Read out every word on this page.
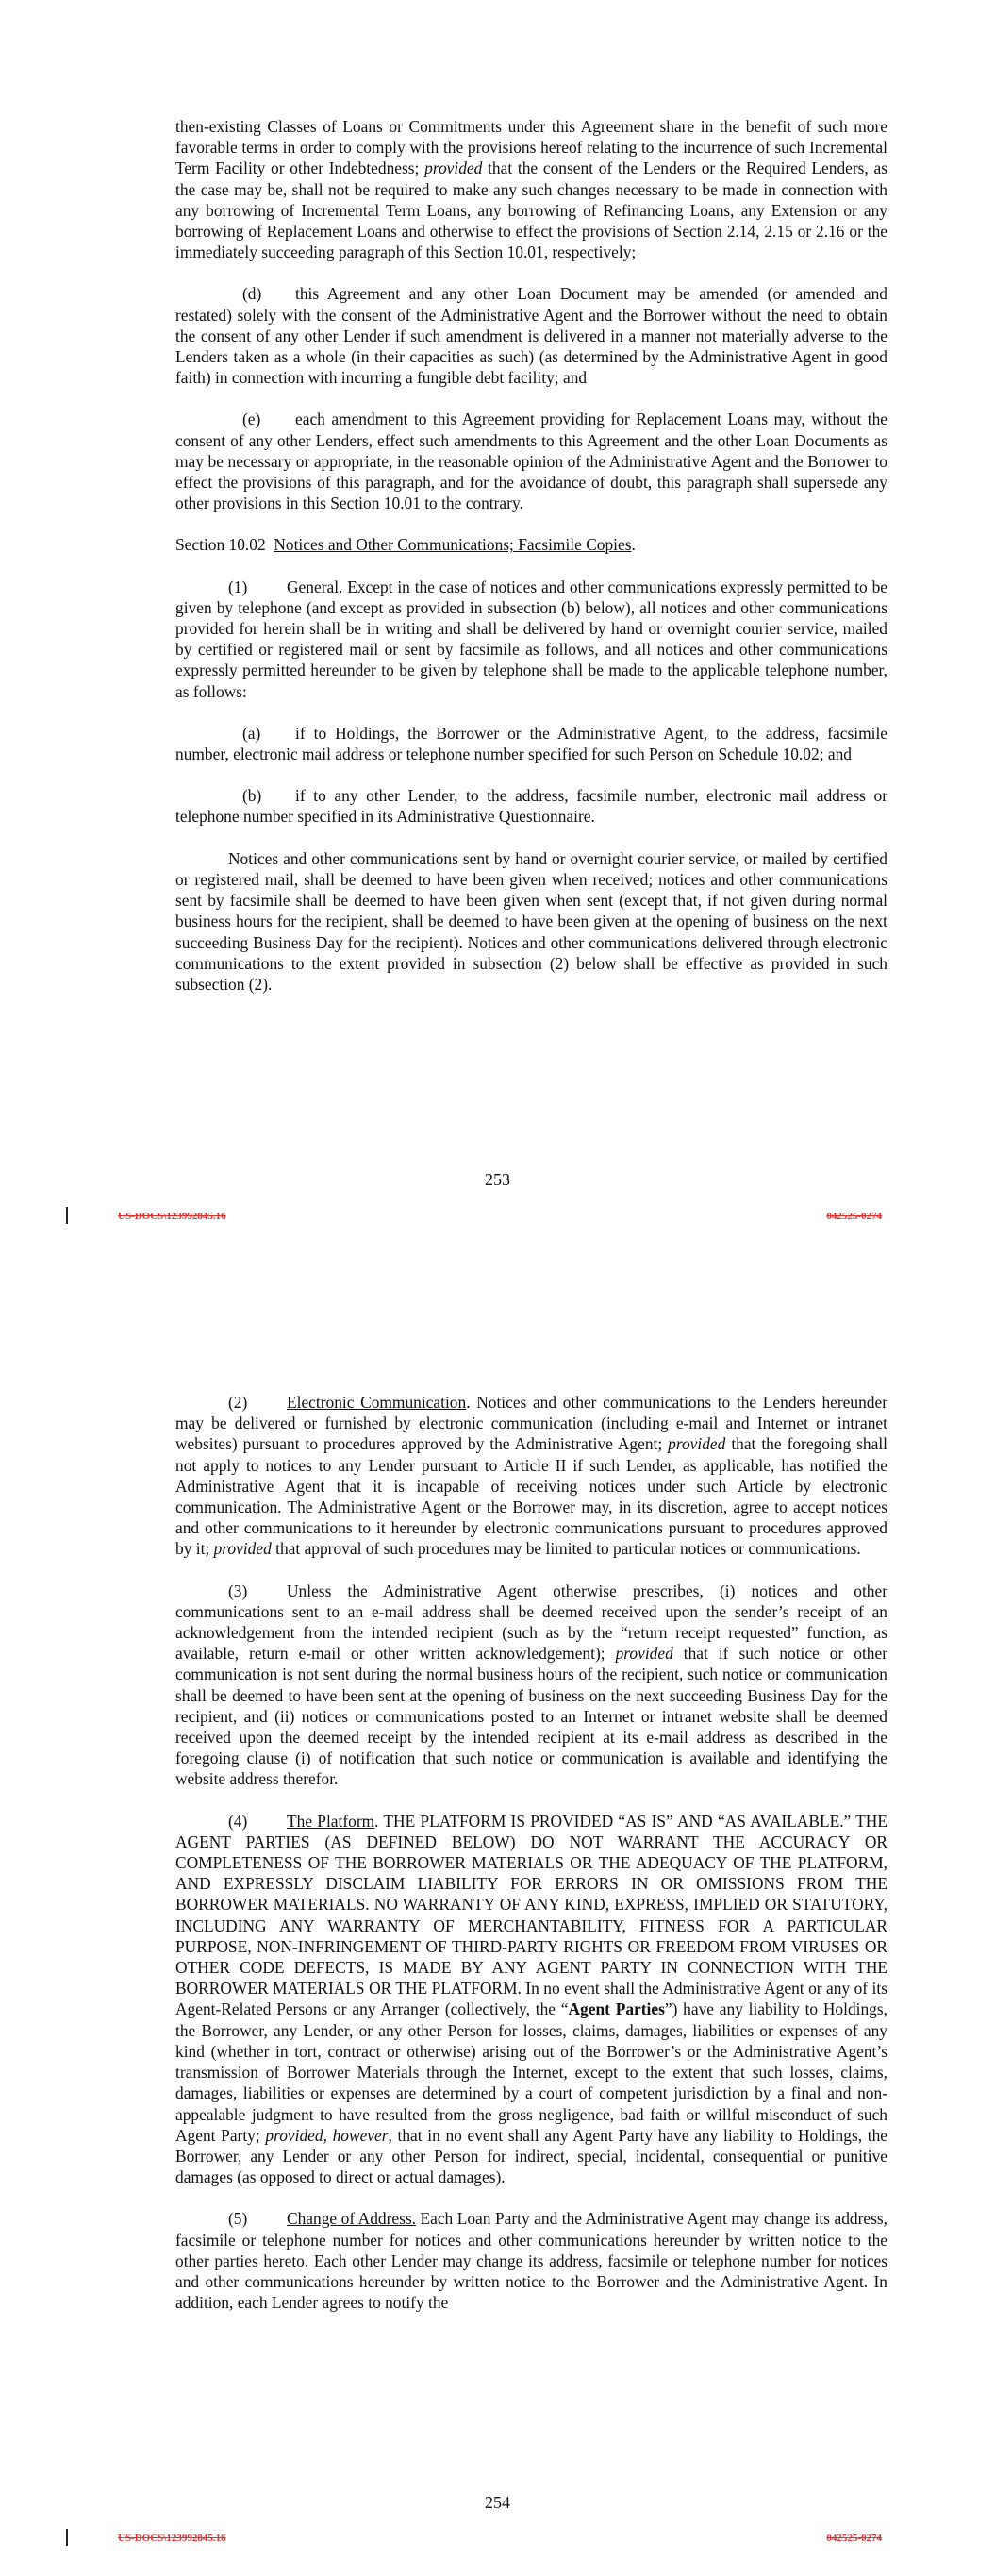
then-existing Classes of Loans or Commitments under this Agreement share in the benefit of such more favorable terms in order to comply with the provisions hereof relating to the incurrence of such Incremental Term Facility or other Indebtedness; provided that the consent of the Lenders or the Required Lenders, as the case may be, shall not be required to make any such changes necessary to be made in connection with any borrowing of Incremental Term Loans, any borrowing of Refinancing Loans, any Extension or any borrowing of Replacement Loans and otherwise to effect the provisions of Section 2.14, 2.15 or 2.16 or the immediately succeeding paragraph of this Section 10.01, respectively;

(d) this Agreement and any other Loan Document may be amended (or amended and restated) solely with the consent of the Administrative Agent and the Borrower without the need to obtain the consent of any other Lender if such amendment is delivered in a manner not materially adverse to the Lenders taken as a whole (in their capacities as such) (as determined by the Administrative Agent in good faith) in connection with incurring a fungible debt facility; and

(e) each amendment to this Agreement providing for Replacement Loans may, without the consent of any other Lenders, effect such amendments to this Agreement and the other Loan Documents as may be necessary or appropriate, in the reasonable opinion of the Administrative Agent and the Borrower to effect the provisions of this paragraph, and for the avoidance of doubt, this paragraph shall supersede any other provisions in this Section 10.01 to the contrary.

Section 10.02 Notices and Other Communications; Facsimile Copies.

(1) General. Except in the case of notices and other communications expressly permitted to be given by telephone (and except as provided in subsection (b) below), all notices and other communications provided for herein shall be in writing and shall be delivered by hand or overnight courier service, mailed by certified or registered mail or sent by facsimile as follows, and all notices and other communications expressly permitted hereunder to be given by telephone shall be made to the applicable telephone number, as follows:

(a) if to Holdings, the Borrower or the Administrative Agent, to the address, facsimile number, electronic mail address or telephone number specified for such Person on Schedule 10.02; and

(b) if to any other Lender, to the address, facsimile number, electronic mail address or telephone number specified in its Administrative Questionnaire.

Notices and other communications sent by hand or overnight courier service, or mailed by certified or registered mail, shall be deemed to have been given when received; notices and other communications sent by facsimile shall be deemed to have been given when sent (except that, if not given during normal business hours for the recipient, shall be deemed to have been given at the opening of business on the next succeeding Business Day for the recipient). Notices and other communications delivered through electronic communications to the extent provided in subsection (2) below shall be effective as provided in such subsection (2).

253
US-DOCS\123992845.16	042525-0274

(2) Electronic Communication. Notices and other communications to the Lenders hereunder may be delivered or furnished by electronic communication (including e-mail and Internet or intranet websites) pursuant to procedures approved by the Administrative Agent; provided that the foregoing shall not apply to notices to any Lender pursuant to Article II if such Lender, as applicable, has notified the Administrative Agent that it is incapable of receiving notices under such Article by electronic communication. The Administrative Agent or the Borrower may, in its discretion, agree to accept notices and other communications to it hereunder by electronic communications pursuant to procedures approved by it; provided that approval of such procedures may be limited to particular notices or communications.

(3) Unless the Administrative Agent otherwise prescribes, (i) notices and other communications sent to an e-mail address shall be deemed received upon the sender’s receipt of an acknowledgement from the intended recipient (such as by the “return receipt requested” function, as available, return e-mail or other written acknowledgement); provided that if such notice or other communication is not sent during the normal business hours of the recipient, such notice or communication shall be deemed to have been sent at the opening of business on the next succeeding Business Day for the recipient, and (ii) notices or communications posted to an Internet or intranet website shall be deemed received upon the deemed receipt by the intended recipient at its e-mail address as described in the foregoing clause (i) of notification that such notice or communication is available and identifying the website address therefor.

(4) The Platform. THE PLATFORM IS PROVIDED “AS IS” AND “AS AVAILABLE.” THE AGENT PARTIES (AS DEFINED BELOW) DO NOT WARRANT THE ACCURACY OR COMPLETENESS OF THE BORROWER MATERIALS OR THE ADEQUACY OF THE PLATFORM, AND EXPRESSLY DISCLAIM LIABILITY FOR ERRORS IN OR OMISSIONS FROM THE BORROWER MATERIALS. NO WARRANTY OF ANY KIND, EXPRESS, IMPLIED OR STATUTORY, INCLUDING ANY WARRANTY OF MERCHANTABILITY, FITNESS FOR A PARTICULAR PURPOSE, NON-INFRINGEMENT OF THIRD-PARTY RIGHTS OR FREEDOM FROM VIRUSES OR OTHER CODE DEFECTS, IS MADE BY ANY AGENT PARTY IN CONNECTION WITH THE BORROWER MATERIALS OR THE PLATFORM. In no event shall the Administrative Agent or any of its Agent-Related Persons or any Arranger (collectively, the “Agent Parties”) have any liability to Holdings, the Borrower, any Lender, or any other Person for losses, claims, damages, liabilities or expenses of any kind (whether in tort, contract or otherwise) arising out of the Borrower’s or the Administrative Agent’s transmission of Borrower Materials through the Internet, except to the extent that such losses, claims, damages, liabilities or expenses are determined by a court of competent jurisdiction by a final and non-appealable judgment to have resulted from the gross negligence, bad faith or willful misconduct of such Agent Party; provided, however, that in no event shall any Agent Party have any liability to Holdings, the Borrower, any Lender or any other Person for indirect, special, incidental, consequential or punitive damages (as opposed to direct or actual damages).

(5) Change of Address. Each Loan Party and the Administrative Agent may change its address, facsimile or telephone number for notices and other communications hereunder by written notice to the other parties hereto. Each other Lender may change its address, facsimile or telephone number for notices and other communications hereunder by written notice to the Borrower and the Administrative Agent. In addition, each Lender agrees to notify the

254
US-DOCS\123992845.16	042525-0274
